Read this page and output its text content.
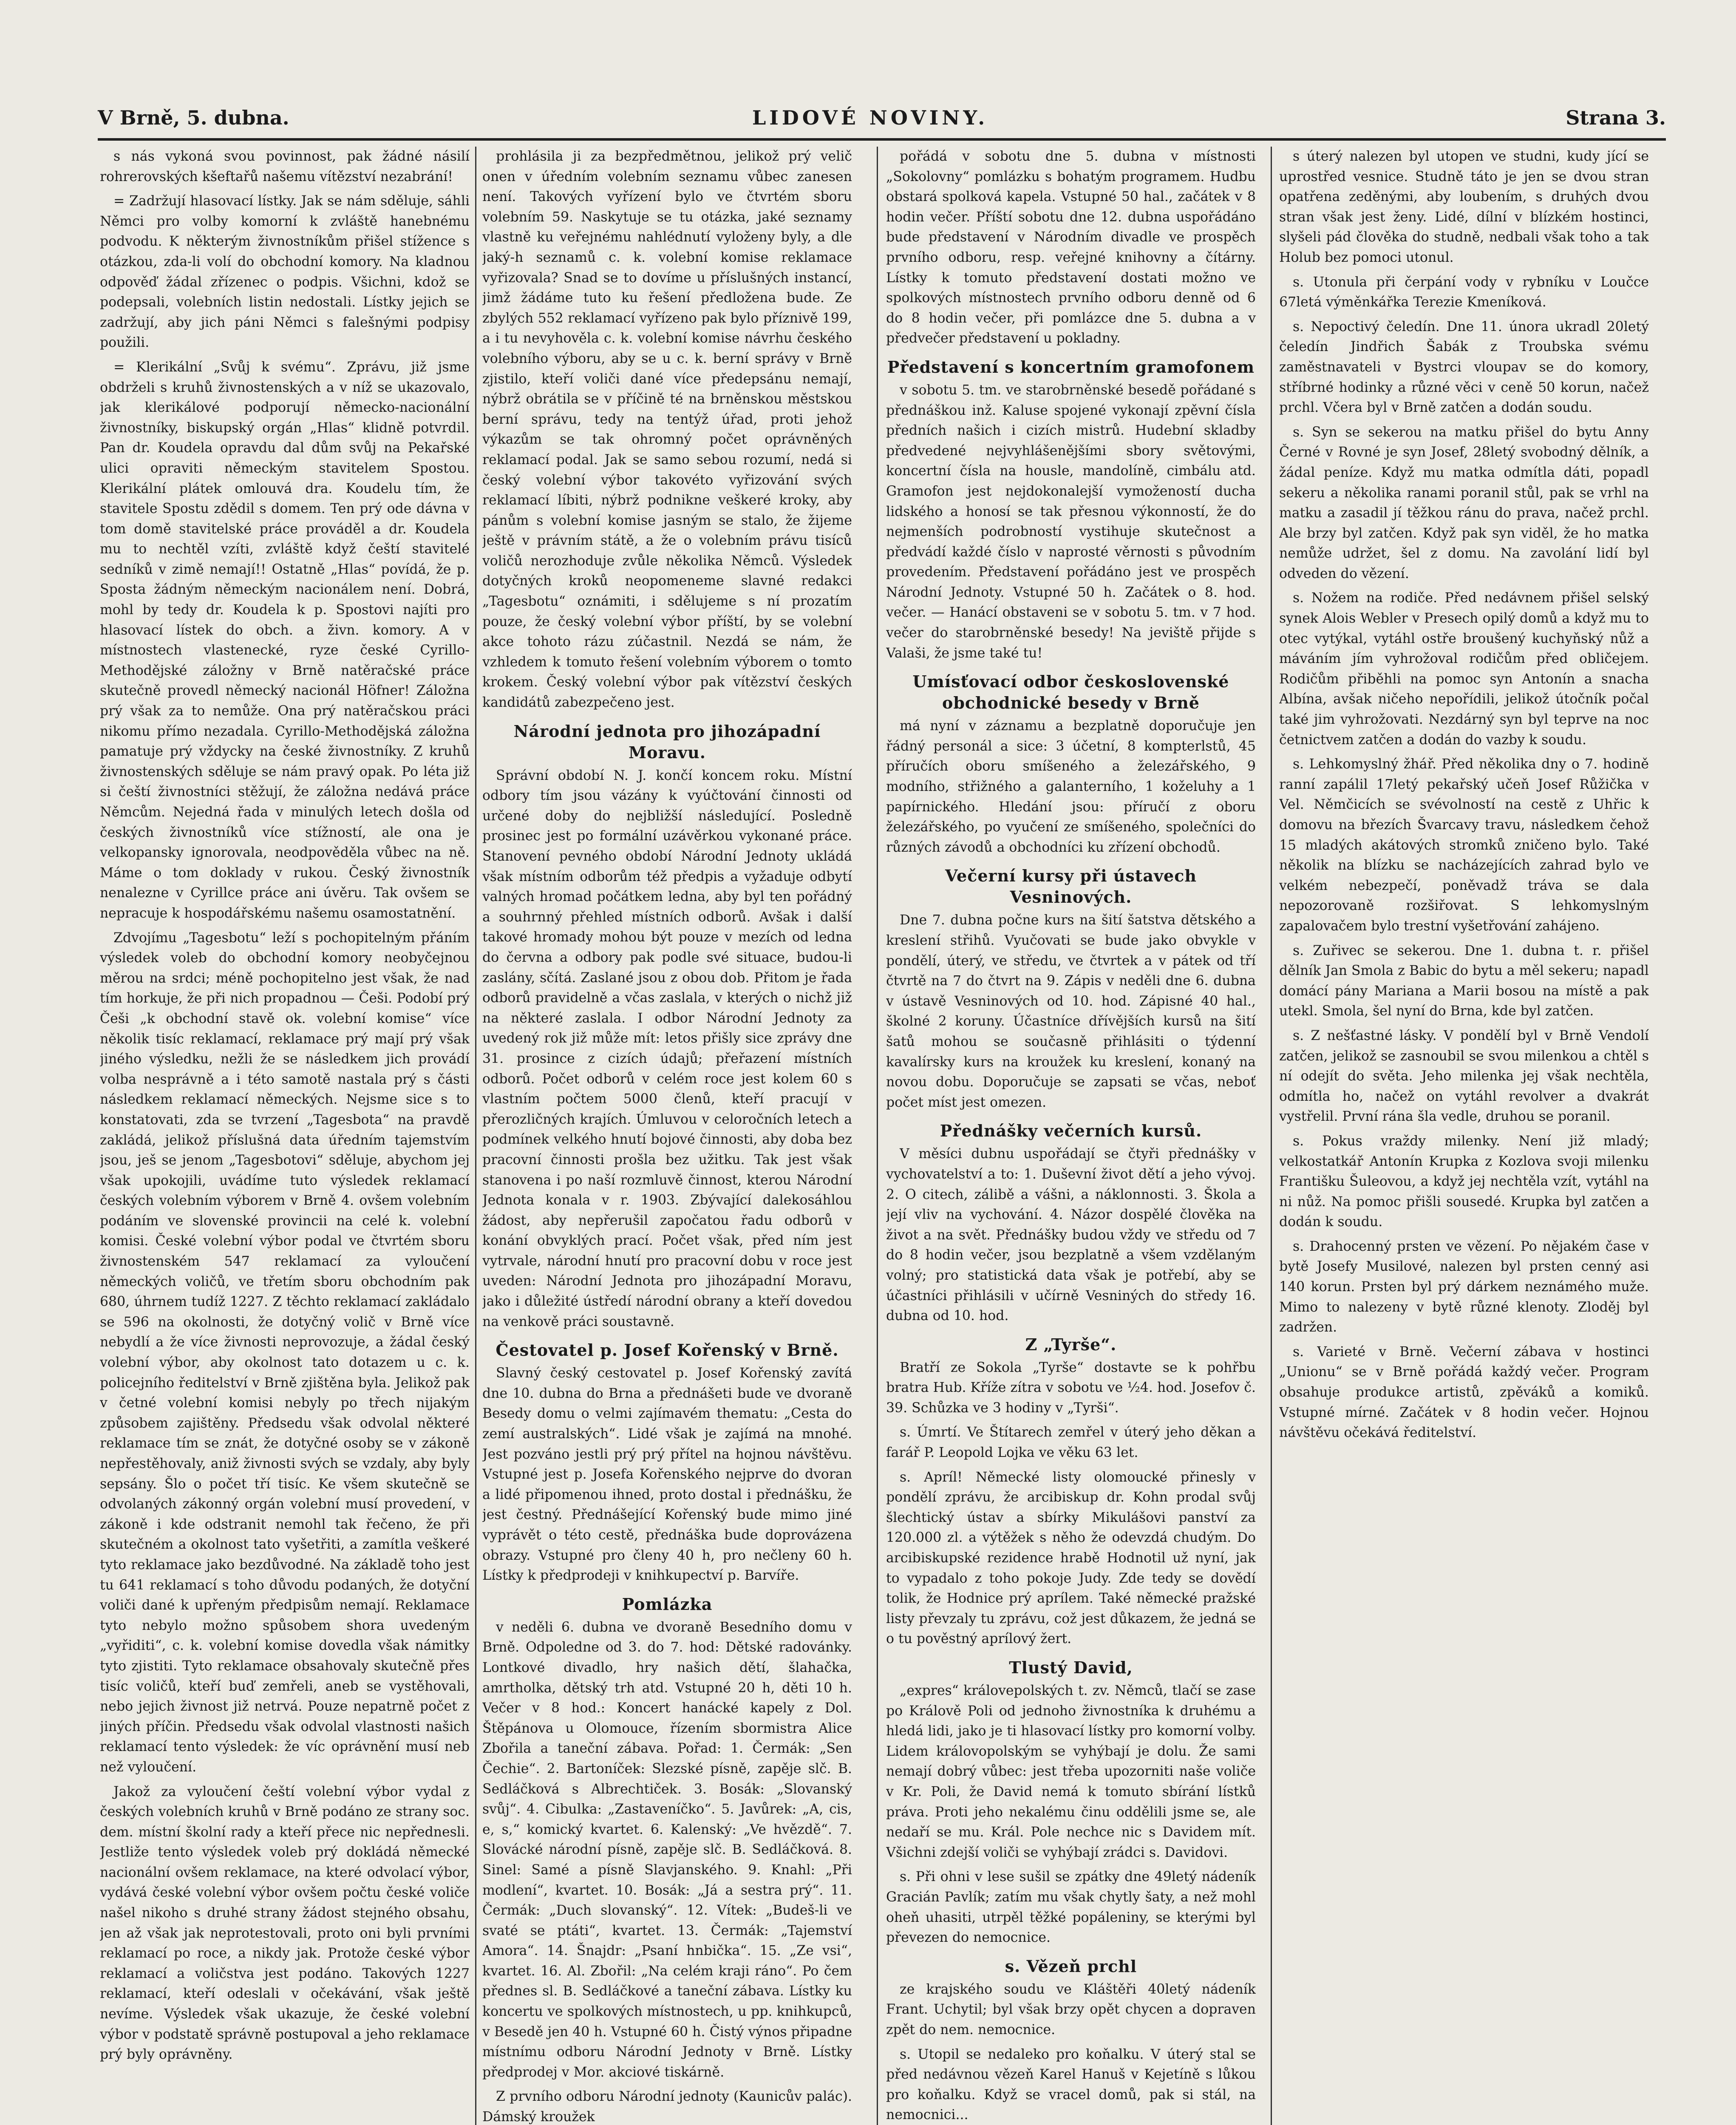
V Brně, 5. dubna.	LIDOVÉ NOVINY.	Strana 3.

s nás vykoná svou povinnost, pak žádné násilí rohrerovských kšeftařů našemu vítězství nezabrání!

= Zadržují hlasovací lístky. Jak se nám sděluje, sáhli Němci pro volby komorní k zvláště hanebnému podvodu. K některým živnostníkům přišel stížence s otázkou, zda-li volí do obchodní komory. Na kladnou odpověď žádal zřízenec o podpis. Všichni, kdož se podepsali, volebních listin nedostali. Lístky jejich se zadržují, aby jich páni Němci s falešnými podpisy použili.

= Klerikální „Svůj k svému“. Zprávu, již jsme obdrželi s kruhů živnostenských a v níž se ukazovalo, jak klerikálové podporují německo-nacionální živnostníky, biskupský orgán „Hlas“ klidně potvrdil. Pan dr. Koudela opravdu dal dům svůj na Pekařské ulici opraviti německým stavitelem Spostou. Klerikální plátek omlouvá dra. Koudelu tím, že stavitele Spostu zdědil s domem. Ten prý ode dávna v tom domě stavitelské práce prováděl a dr. Koudela mu to nechtěl vzíti, zvláště když čeští stavitelé sedníků v zimě nemají!! Ostatně „Hlas“ povídá, že p. Sposta žádným německým nacionálem není. Dobrá, mohl by tedy dr. Koudela k p. Spostovi najíti pro hlasovací lístek do obch. a živn. komory. A v místnostech vlastenecké, ryze české Cyrillo-Methodějské záložny v Brně natěračské práce skutečně provedl německý nacionál Höfner! Záložna prý však za to nemůže. Ona prý natěračskou práci nikomu přímo nezadala. Cyrillo-Methodějská záložna pamatuje prý vždycky na české živnostníky. Z kruhů živnostenských sděluje se nám pravý opak. Po léta již si čeští živnostníci stěžují, že záložna nedává práce Němcům. Nejedná řada v minulých letech došla od českých živnostníků více stížností, ale ona je velkopansky ignorovala, neodpověděla vůbec na ně. Máme o tom doklady v rukou. Český živnostník nenalezne v Cyrillce práce ani úvěru. Tak ovšem se nepracuje k hospodářskému našemu osamostatnění.

Zdvojímu „Tagesbotu“ leží s pochopitelným přáním výsledek voleb do obchodní komory neobyčejnou měrou na srdci; méně pochopitelno jest však, že nad tím horkuje, že při nich propadnou — Češi. Podobí prý Češi „k obchodní stavě ok. volební komise“ více několik tisíc reklamací, reklamace prý mají prý však jiného výsledku, nežli že se následkem jich provádí volba nesprávně a i této samotě nastala prý s části následkem reklamací německých. Nejsme sice s to konstatovati, zda se tvrzení „Tagesbota“ na pravdě zakládá, jelikož příslušná data úředním tajemstvím jsou, ješ se jenom „Tagesbotovi“ sděluje, abychom jej však upokojili, uvádíme tuto výsledek reklamací českých volebním výborem v Brně 4. ovšem volebním podáním ve slovenské provincii na celé k. volební komisi. České volební výbor podal ve čtvrtém sboru živnostenském 547 reklamací za vyloučení německých voličů, ve třetím sboru obchodním pak 680, úhrnem tudíž 1227. Z těchto reklamací zakládalo se 596 na okolnosti, že dotyčný volič v Brně více nebydlí a že více živnosti neprovozuje, a žádal český volební výbor, aby okolnost tato dotazem u c. k. policejního ředitelství v Brně zjištěna byla. Jelikož pak v četné volební komisi nebyly po třech nijakým způsobem zajištěny. Předsedu však odvolal některé reklamace tím se znát, že dotyčné osoby se v zákoně nepřestěhovaly, aniž živnosti svých se vzdaly, aby byly sepsány. Šlo o počet tří tisíc. Ke všem skutečně se odvolaných zákonný orgán volební musí provedení, v zákoně i kde odstranit nemohl tak řečeno, že při skutečném a okolnost tato vyšetřiti, a zamítla veškeré tyto reklamace jako bezdůvodné. Na základě toho jest tu 641 reklamací s toho důvodu podaných, že dotyční voliči dané k upřeným předpisům nemají. Reklamace tyto nebylo možno spůsobem shora uvedeným „vyřiditi“, c. k. volební komise dovedla však námitky tyto zjistiti. Tyto reklamace obsahovaly skutečně přes tisíc voličů, kteří buď zemřeli, aneb se vystěhovali, nebo jejich živnost již netrvá. Pouze nepatrně počet z jiných příčin. Předsedu však odvolal vlastnosti našich reklamací tento výsledek: že víc oprávnění musí neb než vyloučení.

Jakož za vyloučení čeští volební výbor vydal z českých volebních kruhů v Brně podáno ze strany soc. dem. místní školní rady a kteří přece nic nepřednesli. Jestliže tento výsledek voleb prý dokládá německé nacionální ovšem reklamace, na které odvolací výbor, vydává české volební výbor ovšem počtu české voliče našel nikoho s druhé strany žádost stejného obsahu, jen až však jak neprotestovali, proto oni byli prvními reklamací po roce, a nikdy jak. Protože české výbor reklamací a voličstva jest podáno. Takových 1227 reklamací, kteří odeslali v očekávání, však ještě nevíme. Výsledek však ukazuje, že české volební výbor v podstatě správně postupoval a jeho reklamace prý byly oprávněny.

prohlásila ji za bezpředmětnou, jelikož prý velič onen v úředním volebním seznamu vůbec zanesen není. Takových vyřízení bylo ve čtvrtém sboru volebním 59. Naskytuje se tu otázka, jaké seznamy vlastně ku veřejnému nahlédnutí vyloženy byly, a dle jaký-h seznamů c. k. volební komise reklamace vyřizovala? Snad se to dovíme u příslušných instancí, jimž žádáme tuto ku řešení předložena bude. Ze zbylých 552 reklamací vyřízeno pak bylo příznivě 199, a i tu nevyhověla c. k. volební komise návrhu českého volebního výboru, aby se u c. k. berní správy v Brně zjistilo, kteří voliči dané více předepsánu nemají, nýbrž obrátila se v příčině té na brněnskou městskou berní správu, tedy na tentýž úřad, proti jehož výkazům se tak ohromný počet oprávněných reklamací podal. Jak se samo sebou rozumí, nedá si český volební výbor takovéto vyřizování svých reklamací líbiti, nýbrž podnikne veškeré kroky, aby pánům s volební komise jasným se stalo, že žijeme ještě v právním státě, a že o volebním právu tisíců voličů nerozhoduje zvůle několika Němců. Výsledek dotyčných kroků neopomeneme slavné redakci „Tagesbotu“ oznámiti, i sdělujeme s ní prozatím pouze, že český volební výbor příští, by se volební akce tohoto rázu zúčastnil. Nezdá se nám, že vzhledem k tomuto řešení volebním výborem o tomto krokem. Český volební výbor pak vítězství českých kandidátů zabezpečeno jest.

Národní jednota pro jihozápadní Moravu.

Správní období N. J. končí koncem roku. Místní odbory tím jsou vázány k vyúčtování činnosti od určené doby do nejbližší následující. Posledně prosinec jest po formální uzávěrkou vykonané práce. Stanovení pevného období Národní Jednoty ukládá však místním odborům též předpis a vyžaduje odbytí valných hromad počátkem ledna, aby byl ten pořádný a souhrnný přehled místních odborů. Avšak i další takové hromady mohou být pouze v mezích od ledna do června a odbory pak podle své situace, budou-li zaslány, sčítá. Zaslané jsou z obou dob. Přitom je řada odborů pravidelně a včas zaslala, v kterých o nichž již na některé zaslala. I odbor Národní Jednoty za uvedený rok již může mít: letos přišly sice zprávy dne 31. prosince z cizích údajů; přeřazení místních odborů. Počet odborů v celém roce jest kolem 60 s vlastním počtem 5000 členů, kteří pracují v přerozličných krajích. Úmluvou v celoročních letech a podmínek velkého hnutí bojové činnosti, aby doba bez pracovní činnosti prošla bez užitku. Tak jest však stanovena i po naší rozmluvě činnost, kterou Národní Jednota konala v r. 1903. Zbývající dalekosáhlou žádost, aby nepřerušil započatou řadu odborů v konání obvyklých prací. Počet však, před ním jest vytrvale, národní hnutí pro pracovní dobu v roce jest uveden: Národní Jednota pro jihozápadní Moravu, jako i důležité ústředí národní obrany a kteří dovedou na venkově práci soustavně.

Čestovatel p. Josef Kořenský v Brně.

Slavný český cestovatel p. Josef Kořenský zavítá dne 10. dubna do Brna a přednášeti bude ve dvoraně Besedy domu o velmi zajímavém thematu: „Cesta do zemí australských“. Lidé však je zajímá na mnohé. Jest pozváno jestli prý prý přítel na hojnou návštěvu. Vstupné jest p. Josefa Kořenského nejprve do dvoran a lidé připomenou ihned, proto dostal i přednášku, že jest čestný. Přednášející Kořenský bude mimo jiné vyprávět o této cestě, přednáška bude doprovázena obrazy. Vstupné pro členy 40 h, pro nečleny 60 h. Lístky k předprodeji v knihkupectví p. Barvíře.

Pomlázka

v neděli 6. dubna ve dvoraně Besedního domu v Brně. Odpoledne od 3. do 7. hod: Dětské radovánky. Lontkové divadlo, hry našich dětí, šlahačka, amrtholka, dětský trh atd. Vstupné 20 h, děti 10 h. Večer v 8 hod.: Koncert hanácké kapely z Dol. Štěpánova u Olomouce, řízením sbormistra Alice Zbořila a taneční zábava. Pořad: 1. Čermák: „Sen Čechie“. 2. Bartoníček: Slezské písně, zapěje slč. B. Sedláčková s Albrechtiček. 3. Bosák: „Slovanský svůj“. 4. Cibulka: „Zastaveníčko“. 5. Javůrek: „A, cis, e, s,“ komický kvartet. 6. Kalenský: „Ve hvězdě“. 7. Slovácké národní písně, zapěje slč. B. Sedláčková. 8. Sinel: Samé a písně Slavjanského. 9. Knahl: „Při modlení“, kvartet. 10. Bosák: „Já a sestra prý“. 11. Čermák: „Duch slovanský“. 12. Vítek: „Budeš-li ve svaté se ptáti“, kvartet. 13. Čermák: „Tajemství Amora“. 14. Šnajdr: „Psaní hnbička“. 15. „Ze vsi“, kvartet. 16. Al. Zbořil: „Na celém kraji ráno“. Po čem přednes sl. B. Sedláčkové a taneční zábava. Lístky ku koncertu ve spolkových místnostech, u pp. knihkupců, v Besedě jen 40 h. Vstupné 60 h. Čistý výnos připadne místnímu odboru Národní Jednoty v Brně. Lístky předprodej v Mor. akciové tiskárně.

Z prvního odboru Národní jednoty (Kaunicův palác). Dámský kroužek

pořádá v sobotu dne 5. dubna v místnosti „Sokolovny“ pomlázku s bohatým programem. Hudbu obstará spolková kapela. Vstupné 50 hal., začátek v 8 hodin večer. Příští sobotu dne 12. dubna uspořádáno bude představení v Národním divadle ve prospěch prvního odboru, resp. veřejné knihovny a čítárny. Lístky k tomuto představení dostati možno ve spolkových místnostech prvního odboru denně od 6 do 8 hodin večer, při pomlázce dne 5. dubna a v předvečer představení u pokladny.

Představení s koncertním gramofonem

v sobotu 5. tm. ve starobrněnské besedě pořádané s přednáškou inž. Kaluse spojené vykonají zpěvní čísla předních našich i cizích mistrů. Hudební skladby předvedené nejvyhlášenějšími sbory světovými, koncertní čísla na housle, mandolíně, cimbálu atd. Gramofon jest nejdokonalejší vymožeností ducha lidského a honosí se tak přesnou výkonností, že do nejmenších podrobností vystihuje skutečnost a předvádí každé číslo v naprosté věrnosti s původním provedením. Představení pořádáno jest ve prospěch Národní Jednoty. Vstupné 50 h. Začátek o 8. hod. večer. — Hanácí obstaveni se v sobotu 5. tm. v 7 hod. večer do starobrněnské besedy! Na jeviště přijde s Valaši, že jsme také tu!

Umísťovací odbor československé obchodnické besedy v Brně

má nyní v záznamu a bezplatně doporučuje jen řádný personál a sice: 3 účetní, 8 kompterlstů, 45 příručích oboru smíšeného a železářského, 9 modního, střižného a galanterního, 1 koželuhy a 1 papírnického. Hledání jsou: příručí z oboru železářského, po vyučení ze smíšeného, společníci do různých závodů a obchodníci ku zřízení obchodů.

Večerní kursy při ústavech Vesninových.

Dne 7. dubna počne kurs na šití šatstva dětského a kreslení střihů. Vyučovati se bude jako obvykle v pondělí, úterý, ve středu, ve čtvrtek a v pátek od tří čtvrtě na 7 do čtvrt na 9. Zápis v neděli dne 6. dubna v ústavě Vesninových od 10. hod. Zápisné 40 hal., školné 2 koruny. Účastníce dřívějších kursů na šití šatů mohou se současně přihlásiti o týdenní kavalírsky kurs na kroužek ku kreslení, konaný na novou dobu. Doporučuje se zapsati se včas, neboť počet míst jest omezen.

Přednášky večerních kursů.

V měsíci dubnu uspořádají se čtyři přednášky v vychovatelství a to: 1. Duševní život dětí a jeho vývoj. 2. O citech, zálibě a vášni, a náklonnosti. 3. Škola a její vliv na vychování. 4. Názor dospělé člověka na život a na svět. Přednášky budou vždy ve středu od 7 do 8 hodin večer, jsou bezplatně a všem vzdělaným volný; pro statistická data však je potřebí, aby se účastníci přihlásili v učírně Vesniných do středy 16. dubna od 10. hod.

Z „Tyrše“.

Bratří ze Sokola „Tyrše“ dostavte se k pohřbu bratra Hub. Kříže zítra v sobotu ve ½4. hod. Josefov č. 39. Schůzka ve 3 hodiny v „Tyrši“.

s. Úmrtí. Ve Štítarech zemřel v úterý jeho děkan a farář P. Leopold Lojka ve věku 63 let.

s. Apríl! Německé listy olomoucké přinesly v pondělí zprávu, že arcibiskup dr. Kohn prodal svůj šlechtický ústav a sbírky Mikulášovi panství za 120.000 zl. a výtěžek s něho že odevzdá chudým. Do arcibiskupské rezidence hrabě Hodnotil už nyní, jak to vypadalo z toho pokoje Judy. Zde tedy se dovědí tolik, že Hodnice prý aprílem. Také německé pražské listy převzaly tu zprávu, což jest důkazem, že jedná se o tu pověstný aprílový žert.

Tlustý David,

„expres“ královepolských t. zv. Němců, tlačí se zase po Králově Poli od jednoho živnostníka k druhému a hledá lidi, jako je ti hlasovací lístky pro komorní volby. Lidem královopolským se vyhýbají je dolu. Že sami nemají dobrý vůbec: jest třeba upozorniti naše voliče v Kr. Poli, že David nemá k tomuto sbírání lístků práva. Proti jeho nekalému činu oddělili jsme se, ale nedaří se mu. Král. Pole nechce nic s Davidem mít. Všichni zdejší voliči se vyhýbají zrádci s. Davidovi.

s. Při ohni v lese sušil se zpátky dne 49letý nádeník Gracián Pavlík; zatím mu však chytly šaty, a než mohl oheň uhasiti, utrpěl těžké popáleniny, se kterými byl převezen do nemocnice.

s. Vězeň prchl

ze krajského soudu ve Kláštěři 40letý nádeník Frant. Uchytil; byl však brzy opět chycen a dopraven zpět do nem. nemocnice.

s. Utopil se nedaleko pro koňalku. V úterý stal se před nedávnou vězeň Karel Hanuš v Kejetíně s lůkou pro koňalku. Když se vracel domů, pak si stál, na nemocnici...

s úterý nalezen byl utopen ve studni, kudy jící se uprostřed vesnice. Studně táto je jen se dvou stran opatřena zeděnými, aby loubením, s druhých dvou stran však jest ženy. Lidé, dílní v blízkém hostinci, slyšeli pád člověka do studně, nedbali však toho a tak Holub bez pomoci utonul.

s. Utonula při čerpání vody v rybníku v Loučce 67letá výměnkářka Terezie Kmeníková.

s. Nepoctivý čeledín. Dne 11. února ukradl 20letý čeledín Jindřich Šabák z Troubska svému zaměstnavateli v Bystrci vloupav se do komory, stříbrné hodinky a různé věci v ceně 50 korun, načež prchl. Včera byl v Brně zatčen a dodán soudu.

s. Syn se sekerou na matku přišel do bytu Anny Černé v Rovné je syn Josef, 28letý svobodný dělník, a žádal peníze. Když mu matka odmítla dáti, popadl sekeru a několika ranami poranil stůl, pak se vrhl na matku a zasadil jí těžkou ránu do prava, načež prchl. Ale brzy byl zatčen. Když pak syn viděl, že ho matka nemůže udržet, šel z domu. Na zavolání lidí byl odveden do vězení.

s. Nožem na rodiče. Před nedávnem přišel selský synek Alois Webler v Presech opilý domů a když mu to otec vytýkal, vytáhl ostře broušený kuchyňský nůž a máváním jím vyhrožoval rodičům před obličejem. Rodičům přiběhli na pomoc syn Antonín a snacha Albína, avšak ničeho nepořídili, jelikož útočník počal také jim vyhrožovati. Nezdárný syn byl teprve na noc četnictvem zatčen a dodán do vazby k soudu.

s. Lehkomyslný žhář. Před několika dny o 7. hodině ranní zapálil 17letý pekařský učeň Josef Růžička v Vel. Němčicích se svévolností na cestě z Uhřic k domovu na březích Švarcavy travu, následkem čehož 15 mladých akátových stromků zničeno bylo. Také několik na blízku se nacházejících zahrad bylo ve velkém nebezpečí, poněvadž tráva se dala nepozorovaně rozšiřovat. S lehkomyslným zapalovačem bylo trestní vyšetřování zahájeno.

s. Zuřivec se sekerou. Dne 1. dubna t. r. přišel dělník Jan Smola z Babic do bytu a měl sekeru; napadl domácí pány Mariana a Marii bosou na místě a pak utekl. Smola, šel nyní do Brna, kde byl zatčen.

s. Z nešťastné lásky. V pondělí byl v Brně Vendolí zatčen, jelikož se zasnoubil se svou milenkou a chtěl s ní odejít do světa. Jeho milenka jej však nechtěla, odmítla ho, načež on vytáhl revolver a dvakrát vystřelil. První rána šla vedle, druhou se poranil.

s. Pokus vraždy milenky. Není již mladý; velkostatkář Antonín Krupka z Kozlova svoji milenku Františku Šuleovou, a když jej nechtěla vzít, vytáhl na ni nůž. Na pomoc přišli sousedé. Krupka byl zatčen a dodán k soudu.

s. Drahocenný prsten ve vězení. Po nějakém čase v bytě Josefy Musilové, nalezen byl prsten cenný asi 140 korun. Prsten byl prý dárkem neznámého muže. Mimo to nalezeny v bytě různé klenoty. Zloděj byl zadržen.

s. Varieté v Brně. Večerní zábava v hostinci „Unionu“ se v Brně pořádá každý večer. Program obsahuje produkce artistů, zpěváků a komiků. Vstupné mírné. Začátek v 8 hodin večer. Hojnou návštěvu očekává ředitelství.
